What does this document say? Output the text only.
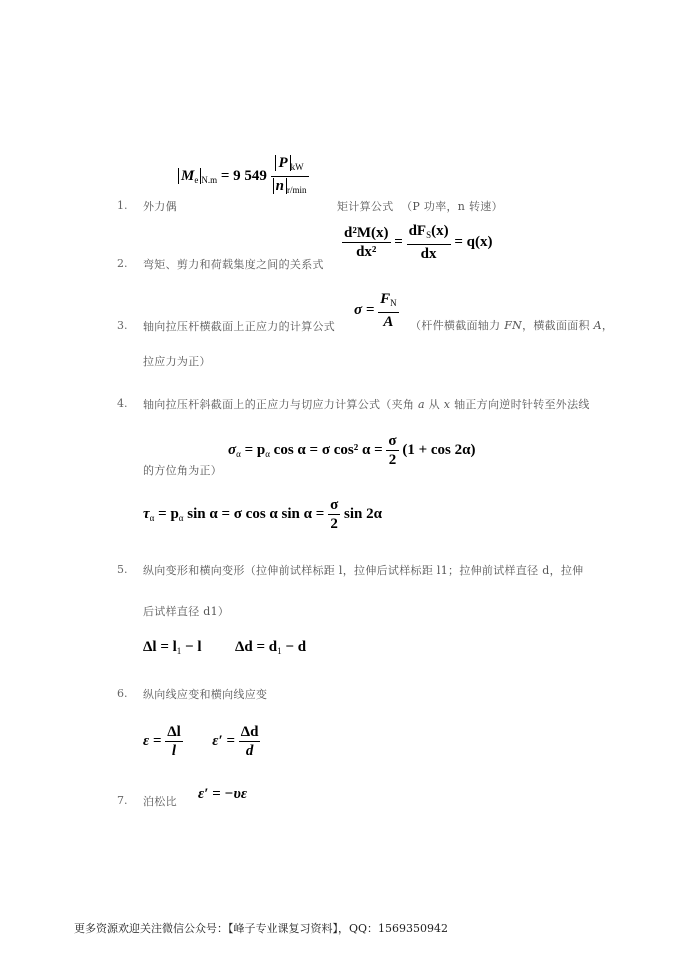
$M_e$ $_{N.m}$ = 9 $549 \frac{P _{kW}}{n _{r/min}}$
1. 外力偶	矩计算公式 （P 功率，n 转速）
$\frac{\text{d²M(x)}}{\text{dx²}} = \frac{dF_S(x)}{dx} = q(x)$
2. 弯矩、剪力和荷载集度之间的关系式
$\sigma = \frac{F_N}{A}$
3. 轴向拉压杆横截面上正应力的计算公式	（杆件横截面轴力 FN，横截面面积 A，
拉应力为正）
4. 轴向拉压杆斜截面上的正应力与切应力计算公式（夹角 a 从 x 轴正方向逆时针转至外法线
$\sigma_\alpha = p_\alpha$ cos α = σ cos² $\alpha = \frac{\sigma}{2} (1 + \cos 2\alpha)$
的方位角为正）
$\tau_\alpha = p_\alpha$ sin α = σ cos α $\sin \alpha = \frac{\sigma}{2}$ sin 2α
5. 纵向变形和横向变形（拉伸前试样标距 l，拉伸后试样标距 l1；拉伸前试样直径 d，拉伸
后试样直径 d1）
$\Delta l = l_1 - l$ $\Delta d = d_1 - d$
6. 纵向线应变和横向线应变
$\varepsilon = \frac{\Delta l}{l} \varepsilon' = \frac{\Delta d}{d}$
7. 泊松比 ε′ = −υε
更多资源欢迎关注微信公众号：【峰子专业课复习资料】，QQ：1569350942
